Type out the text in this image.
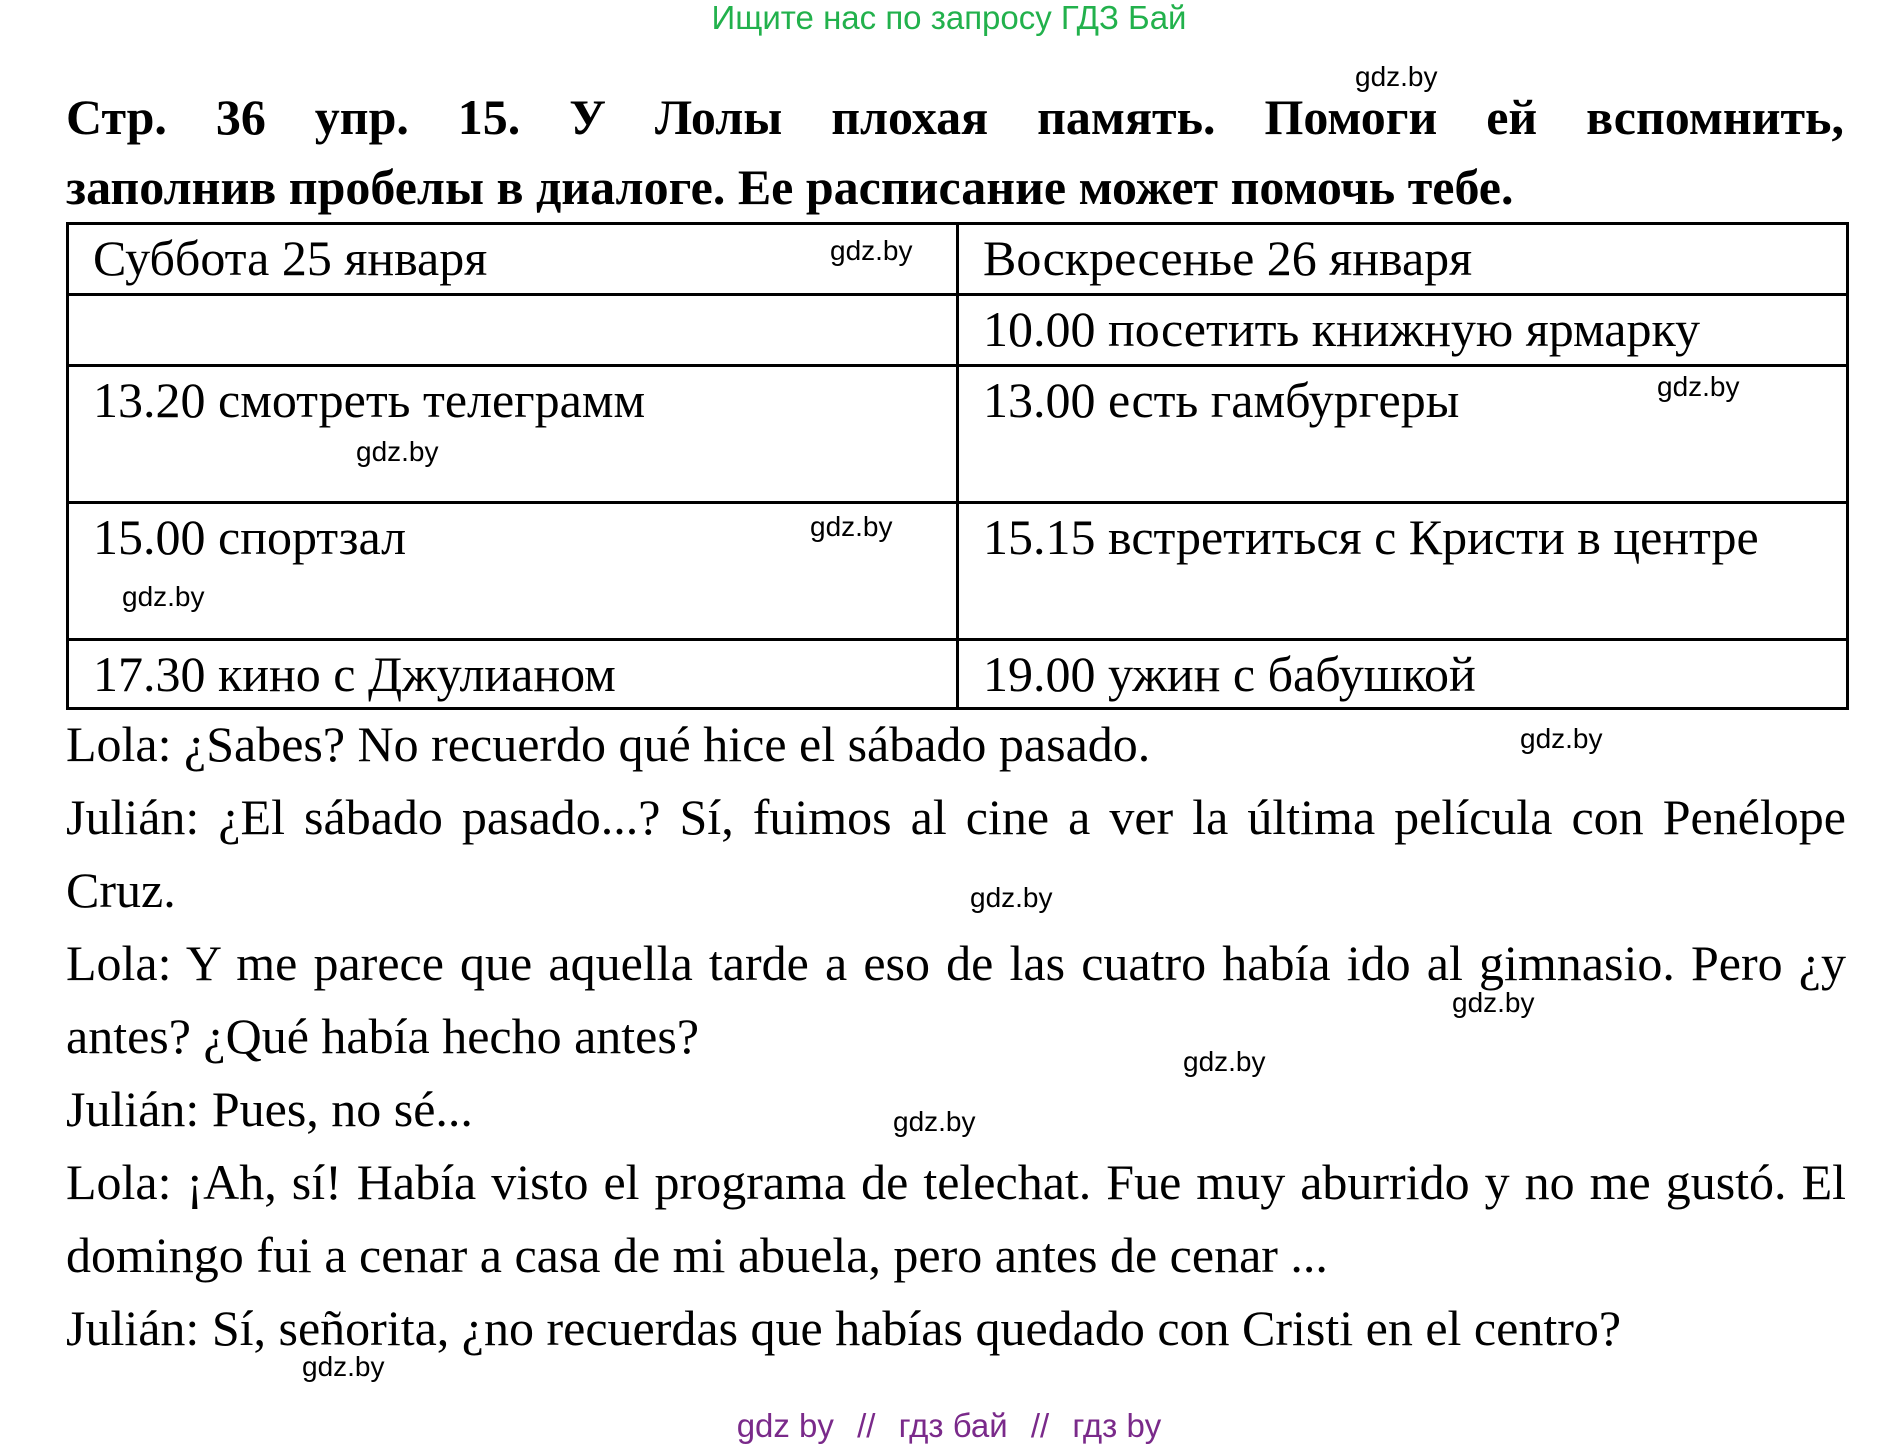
Ищите нас по запросу ГДЗ Бай
Стр. 36 упр. 15. У Лолы плохая память. Помоги ей вспомнить,
заполнив пробелы в диалоге. Ее расписание может помочь тебе.
Суббота 25 января	Воскресенье 26 января
	10.00 посетить книжную ярмарку
13.20 смотреть телеграмм	13.00 есть гамбургеры
15.00 спортзал	15.15 встретиться с Кристи в центре
17.30 кино с Джулианом	19.00 ужин с бабушкой

Lola: ¿Sabes? No recuerdo qué hice el sábado pasado.

Julián: ¿El sábado pasado...? Sí, fuimos al cine a ver la última película con Penélope Cruz.

Lola: Y me parece que aquella tarde a eso de las cuatro había ido al gimnasio. Pero ¿y antes? ¿Qué había hecho antes?

Julián: Pues, no sé...

Lola: ¡Ah, sí! Había visto el programa de telechat. Fue muy aburrido y no me gustó. El domingo fui a cenar a casa de mi abuela, pero antes de cenar ...

Julián: Sí, señorita, ¿no recuerdas que habías quedado con Cristi en el centro?

gdz.by
gdz.by
gdz.by
gdz.by
gdz.by
gdz.by
gdz.by
gdz.by
gdz.by
gdz.by
gdz.by
gdz.by
gdz by // гдз бай // гдз by
